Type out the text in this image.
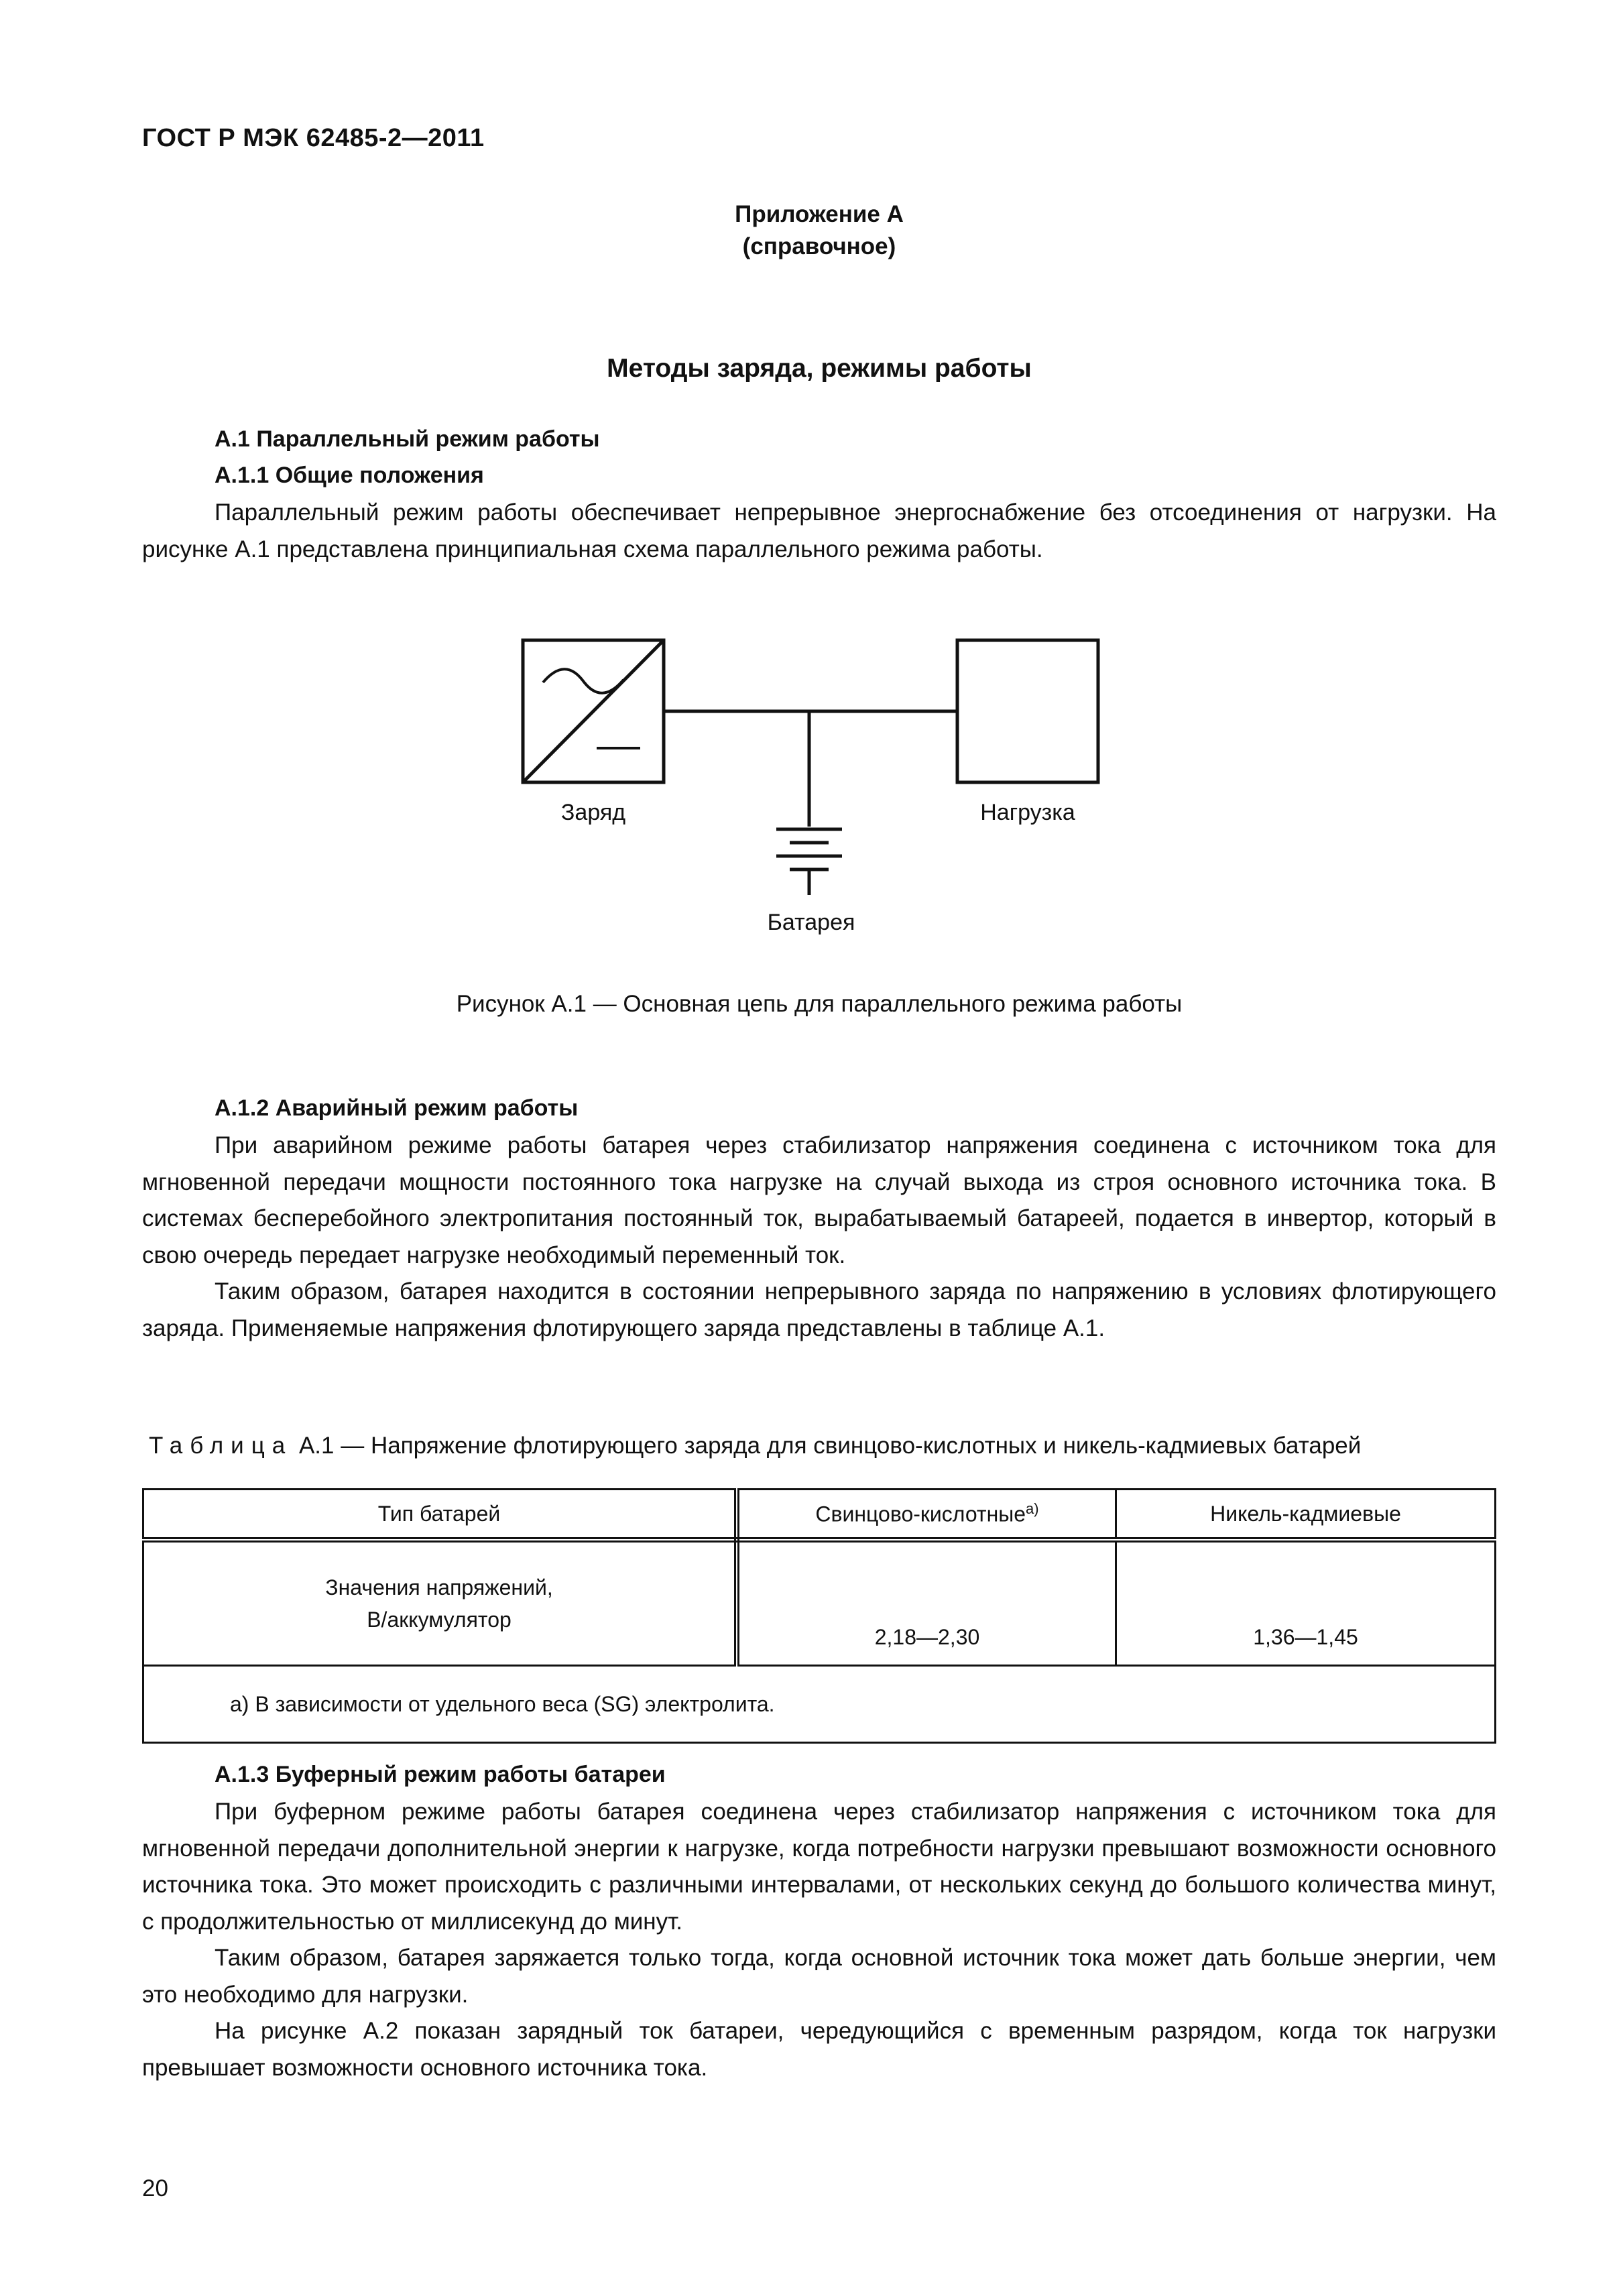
ГОСТ Р МЭК 62485-2—2011
Приложение А
(справочное)
Методы заряда, режимы работы
А.1 Параллельный режим работы
А.1.1 Общие положения

Параллельный режим работы обеспечивает непрерывное энергоснабжение без отсоединения от нагрузки. На рисунке А.1 представлена принципиальная схема параллельного режима работы.

Заряд	Нагрузка
Батарея
Рисунок А.1 — Основная цепь для параллельного режима работы
А.1.2 Аварийный режим работы

При аварийном режиме работы батарея через стабилизатор напряжения соединена с источником тока для мгновенной передачи мощности постоянного тока нагрузке на случай выхода из строя основного источника тока. В системах бесперебойного электропитания постоянный ток, вырабатываемый батареей, подается в инвертор, который в свою очередь передает нагрузке необходимый переменный ток.

Таким образом, батарея находится в состоянии непрерывного заряда по напряжению в условиях флотирующего заряда. Применяемые напряжения флотирующего заряда представлены в таблице А.1.

Таблица А.1 — Напряжение флотирующего заряда для свинцово-кислотных и никель-кадмиевых батарей
Тип батарей	Свинцово-кислотные$^{a)}$	Никель-кадмиевые

Значения напряжений,
В/аккумулятор	2,18—2,30	1,36—1,45
а) В зависимости от удельного веса (SG) электролита.		
А.1.3 Буферный режим работы батареи

При буферном режиме работы батарея соединена через стабилизатор напряжения с источником тока для мгновенной передачи дополнительной энергии к нагрузке, когда потребности нагрузки превышают возможности основного источника тока. Это может происходить с различными интервалами, от нескольких секунд до большого количества минут, с продолжительностью от миллисекунд до минут.

Таким образом, батарея заряжается только тогда, когда основной источник тока может дать больше энергии, чем это необходимо для нагрузки.

На рисунке А.2 показан зарядный ток батареи, чередующийся с временным разрядом, когда ток нагрузки превышает возможности основного источника тока.

20
